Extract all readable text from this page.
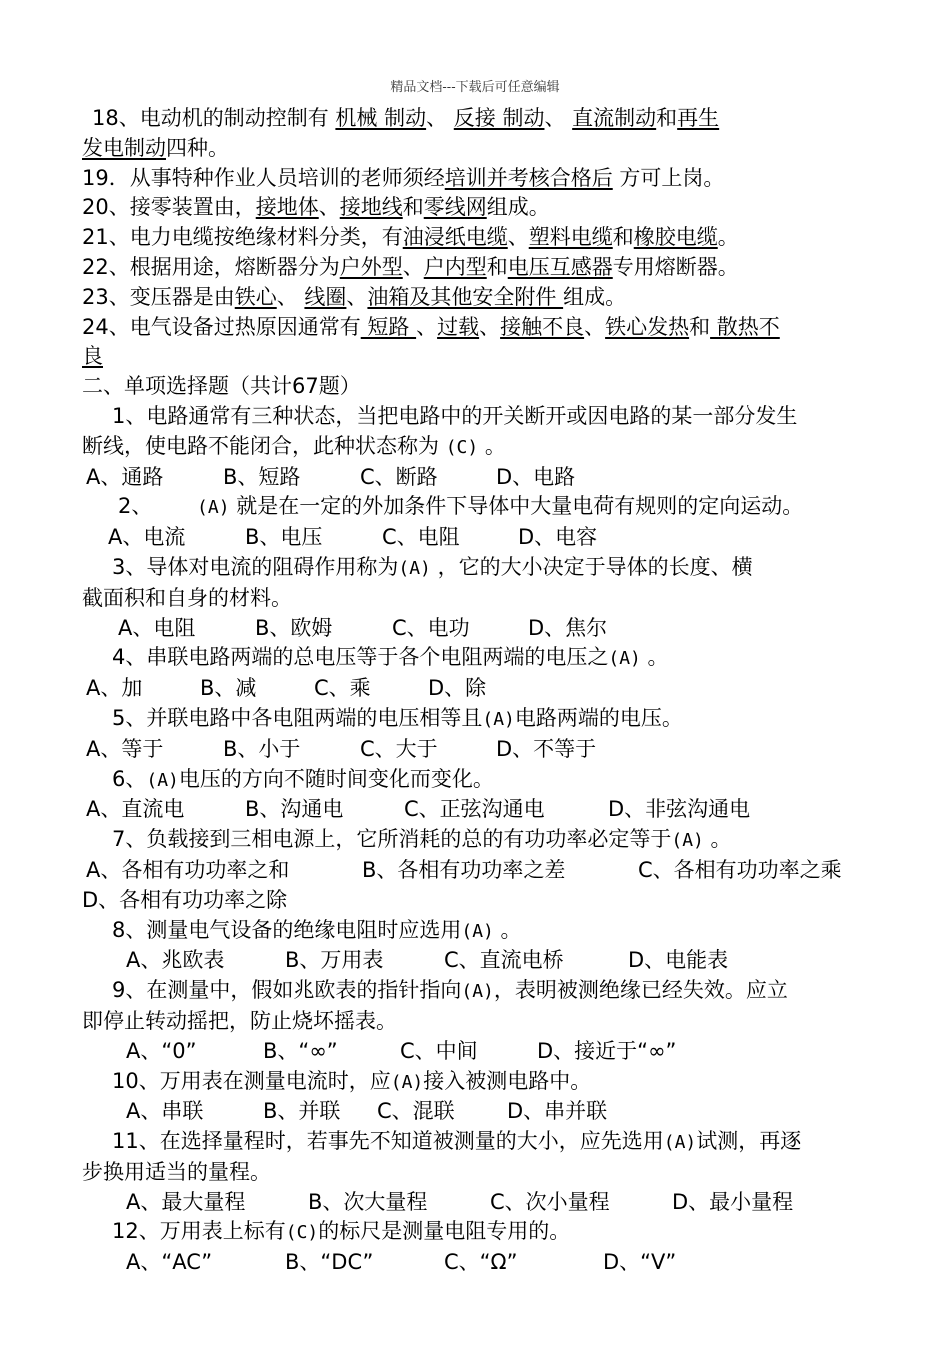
精品文档---下载后可任意编辑
18、电动机的制动控制有 机械 制动、 反接 制动、 直流制动和再生
发电制动四种。
19．从事特种作业人员培训的老师须经培训并考核合格后 方可上岗。
20、接零装置由，接地体、接地线和零线网组成。
21、电力电缆按绝缘材料分类，有油浸纸电缆、塑料电缆和橡胶电缆。
22、根据用途，熔断器分为户外型、户内型和电压互感器专用熔断器。
23、变压器是由铁心、 线圈、油箱及其他安全附件 组成。
24、电气设备过热原因通常有 短路 、过载、接触不良、铁心发热和 散热不
良
二、单项选择题（共计67题）
1、电路通常有三种状态，当把电路中的开关断开或因电路的某一部分发生
断线，使电路不能闭合，此种状态称为 (C) 。
A、通路	B、短路	C、断路	D、电路
2、 (A) 就是在一定的外加条件下导体中大量电荷有规则的定向运动。
A、电流	B、电压	C、电阻	D、电容
3、导体对电流的阻碍作用称为(A) ，它的大小决定于导体的长度、横
截面积和自身的材料。
A、电阻	B、欧姆	C、电功	D、焦尔
4、串联电路两端的总电压等于各个电阻两端的电压之(A) 。
A、加	B、减	C、乘	D、除
5、并联电路中各电阻两端的电压相等且(A)电路两端的电压。
A、等于	B、小于	C、大于	D、不等于
6、(A)电压的方向不随时间变化而变化。
A、直流电	B、沟通电	C、正弦沟通电	D、非弦沟通电
7、负载接到三相电源上，它所消耗的总的有功功率必定等于(A) 。
A、各相有功功率之和	B、各相有功功率之差	C、各相有功功率之乘
D、各相有功功率之除
8、测量电气设备的绝缘电阻时应选用(A) 。
A、兆欧表	B、万用表	C、直流电桥	D、电能表
9、在测量中，假如兆欧表的指针指向(A)，表明被测绝缘已经失效。应立
即停止转动摇把，防止烧坏摇表。
A、“0”	B、“∞”	C、中间	D、接近于“∞”
10、万用表在测量电流时，应(A)接入被测电路中。
A、串联	B、并联	C、混联	D、串并联
11、在选择量程时，若事先不知道被测量的大小，应先选用(A)试测，再逐
步换用适当的量程。
A、最大量程	B、次大量程	C、次小量程	D、最小量程
12、万用表上标有(C)的标尺是测量电阻专用的。
A、“AC”	B、“DC”	C、“Ω”	D、“V”
